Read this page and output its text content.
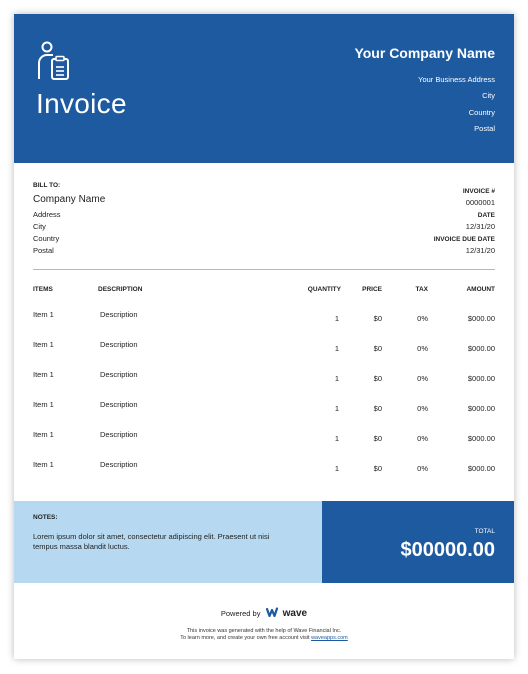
Invoice
Your Company Name
Your Business Address
City
Country
Postal
BILL TO:
Company Name
Address
City
Country
Postal
INVOICE #
0000001
DATE
12/31/20
INVOICE DUE DATE
12/31/20
ITEMS	DESCRIPTION	QUANTITY	PRICE	TAX	AMOUNT
Item 1	Description	1	$0	0%	$000.00
Item 1	Description	1	$0	0%	$000.00
Item 1	Description	1	$0	0%	$000.00
Item 1	Description	1	$0	0%	$000.00
Item 1	Description	1	$0	0%	$000.00
Item 1	Description	1	$0	0%	$000.00
NOTES:
Lorem ipsum dolor sit amet, consectetur adipiscing elit. Praesent ut nisi tempus massa blandit luctus.
TOTAL
$00000.00
Powered by wave
This invoice was generated with the help of Wave Financial Inc.
To learn more, and create your own free account visit waveapps.com
